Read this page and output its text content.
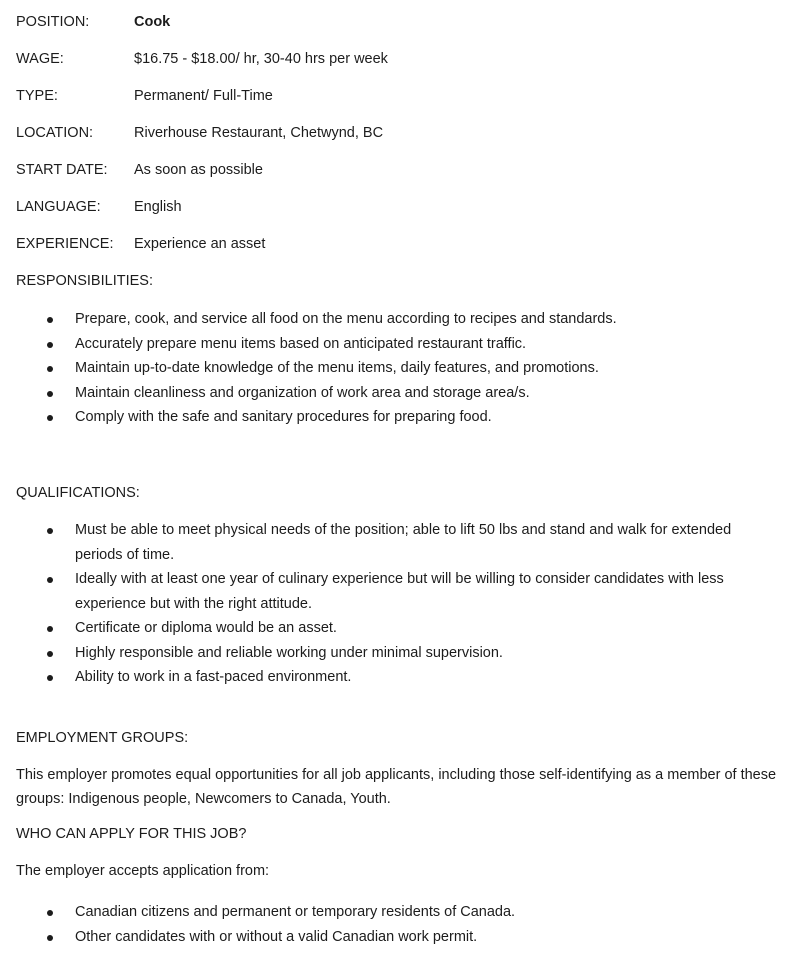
POSITION:	Cook
WAGE:	$16.75 - $18.00/ hr, 30-40 hrs per week
TYPE:	Permanent/ Full-Time
LOCATION:	Riverhouse Restaurant, Chetwynd, BC
START DATE: As soon as possible
LANGUAGE: English
EXPERIENCE: Experience an asset
RESPONSIBILITIES:
Prepare, cook, and service all food on the menu according to recipes and standards.
Accurately prepare menu items based on anticipated restaurant traffic.
Maintain up-to-date knowledge of the menu items, daily features, and promotions.
Maintain cleanliness and organization of work area and storage area/s.
Comply with the safe and sanitary procedures for preparing food.
QUALIFICATIONS:
Must be able to meet physical needs of the position; able to lift 50 lbs and stand and walk for extended periods of time.
Ideally with at least one year of culinary experience but will be willing to consider candidates with less experience but with the right attitude.
Certificate or diploma would be an asset.
Highly responsible and reliable working under minimal supervision.
Ability to work in a fast-paced environment.
EMPLOYMENT GROUPS:
This employer promotes equal opportunities for all job applicants, including those self-identifying as a member of these groups: Indigenous people, Newcomers to Canada, Youth.
WHO CAN APPLY FOR THIS JOB?
The employer accepts application from:
Canadian citizens and permanent or temporary residents of Canada.
Other candidates with or without a valid Canadian work permit.
